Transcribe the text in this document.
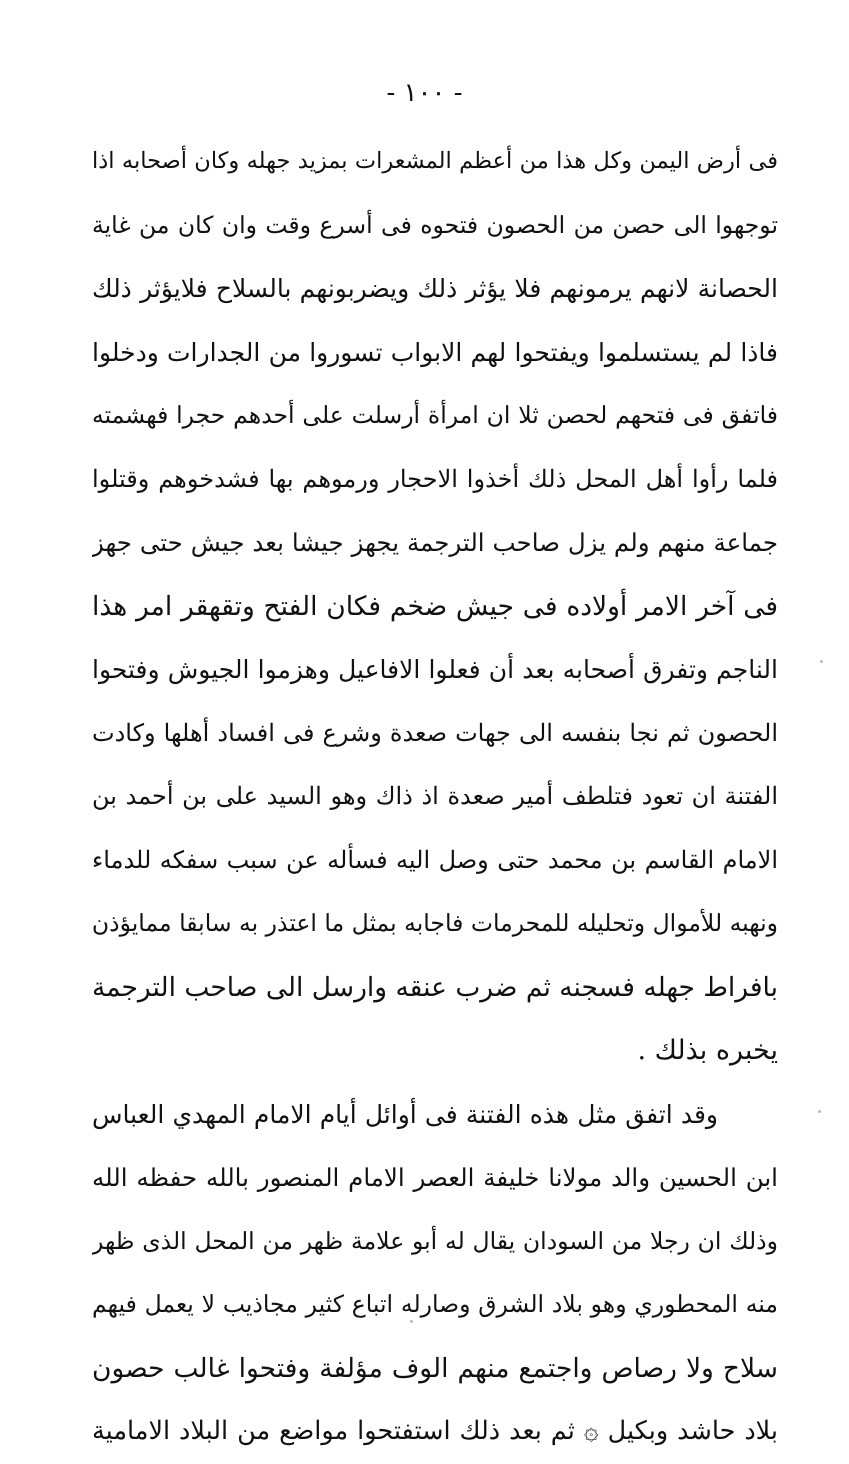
- ١٠٠ -
فى أرض اليمن وكل هذا من أعظم المشعرات بمزيد جهله وكان أصحابه اذا
توجهوا الى حصن من الحصون فتحوه فى أسرع وقت وان كان من غاية
الحصانة لانهم يرمونهم فلا يؤثر ذلك ويضربونهم بالسلاح فلايؤثر ذلك
فاذا لم يستسلموا ويفتحوا لهم الابواب تسوروا من الجدارات ودخلوا
فاتفق فى فتحهم لحصن ثلا ان امرأة أرسلت على أحدهم حجرا فهشمته
فلما رأوا أهل المحل ذلك أخذوا الاحجار ورموهم بها فشدخوهم وقتلوا
جماعة منهم ولم يزل صاحب الترجمة يجهز جيشا بعد جيش حتى جهز
فى آخر الامر أولاده فى جيش ضخم فكان الفتح وتقهقر امر هذا
الناجم وتفرق أصحابه بعد أن فعلوا الافاعيل وهزموا الجيوش وفتحوا
الحصون ثم نجا بنفسه الى جهات صعدة وشرع فى افساد أهلها وكادت
الفتنة ان تعود فتلطف أمير صعدة اذ ذاك وهو السيد على بن أحمد بن
الامام القاسم بن محمد حتى وصل اليه فسأله عن سبب سفكه للدماء
ونهبه للأموال وتحليله للمحرمات فاجابه بمثل ما اعتذر به سابقا ممايؤذن
بافراط جهله فسجنه ثم ضرب عنقه وارسل الى صاحب الترجمة
يخبره بذلك .
وقد اتفق مثل هذه الفتنة فى أوائل أيام الامام المهدي العباس
ابن الحسين والد مولانا خليفة العصر الامام المنصور بالله حفظه الله
وذلك ان رجلا من السودان يقال له أبو علامة ظهر من المحل الذى ظهر
منه المحطوري وهو بلاد الشرق وصارله اتباع كثير مجاذيب لا يعمل فيهم
سلاح ولا رصاص واجتمع منهم الوف مؤلفة وفتحوا غالب حصون
بلاد حاشد وبكيل ۞ ثم بعد ذلك استفتحوا مواضع من البلاد الامامية
